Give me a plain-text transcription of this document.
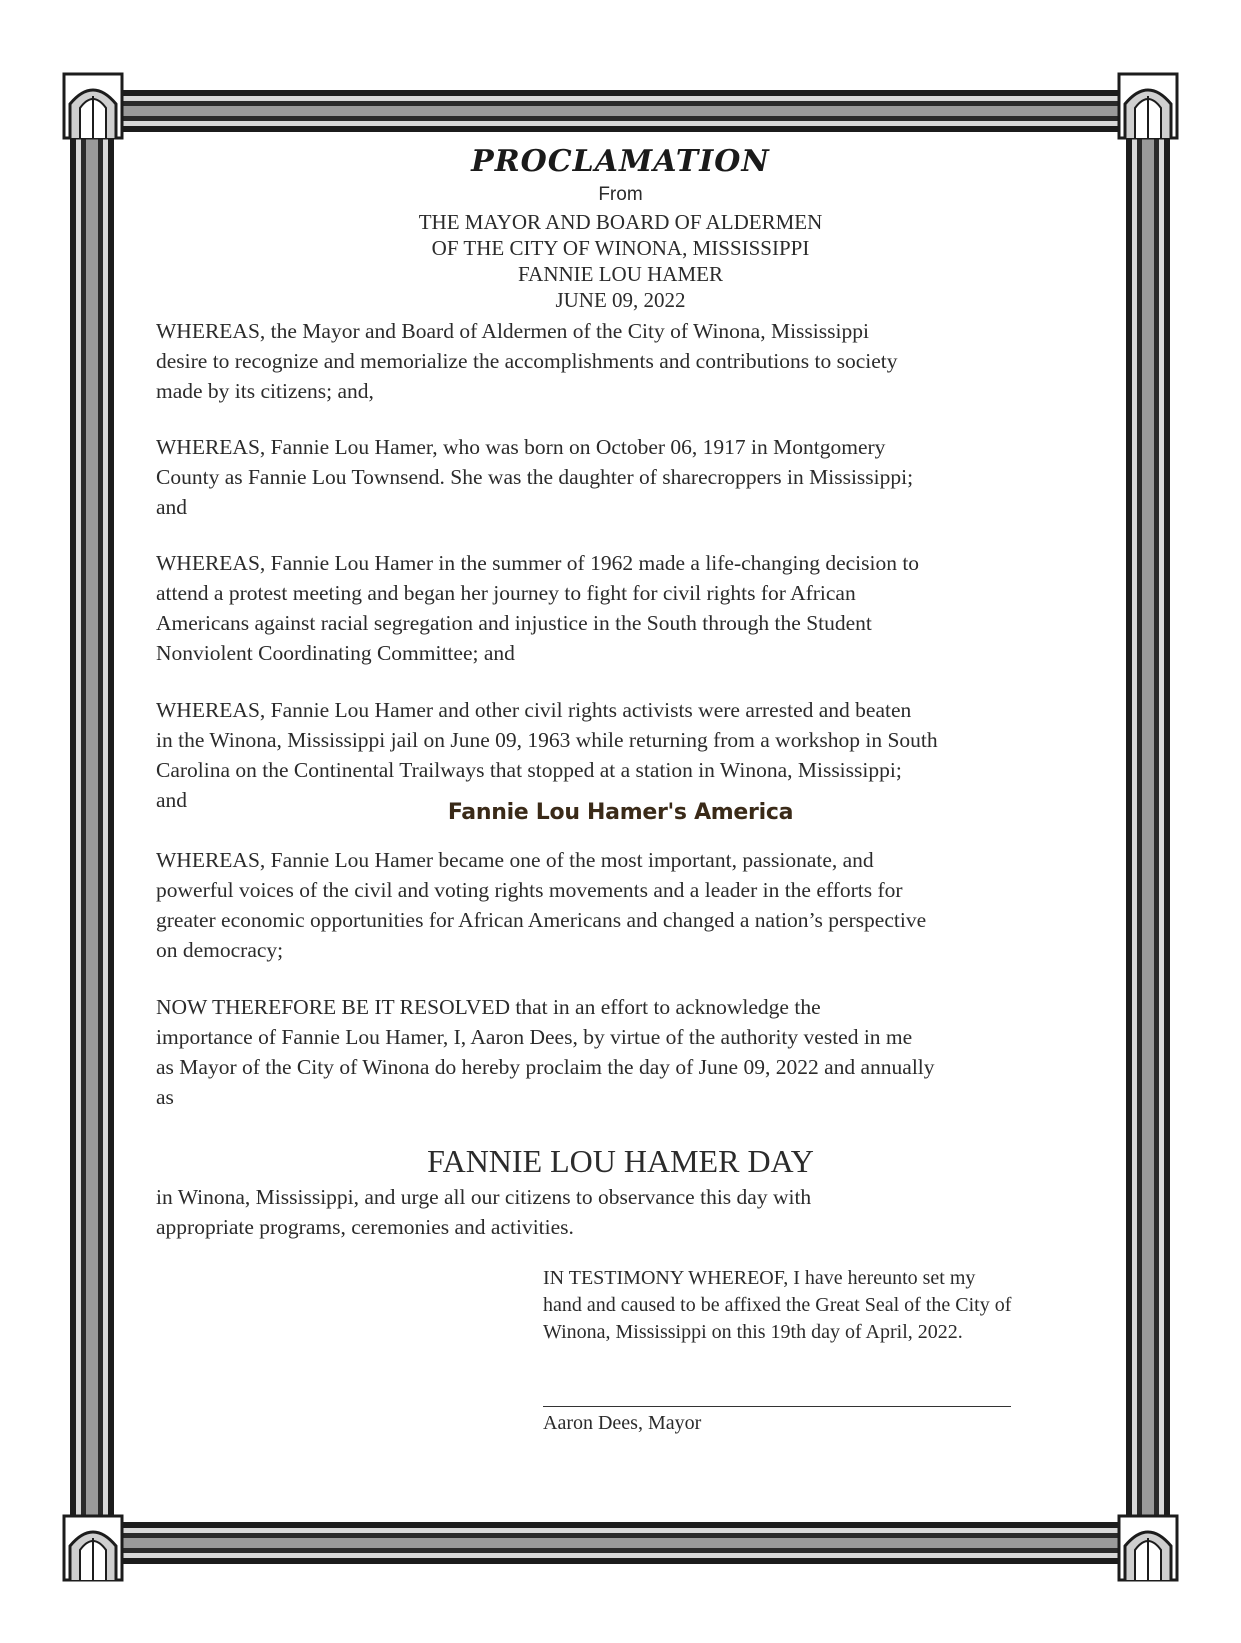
PROCLAMATION
From
THE MAYOR AND BOARD OF ALDERMEN
OF THE CITY OF WINONA, MISSISSIPPI
FANNIE LOU HAMER
JUNE 09, 2022

WHEREAS, the Mayor and Board of Aldermen of the City of Winona, Mississippi
desire to recognize and memorialize the accomplishments and contributions to society
made by its citizens; and,

WHEREAS, Fannie Lou Hamer, who was born on October 06, 1917 in Montgomery
County as Fannie Lou Townsend. She was the daughter of sharecroppers in Mississippi;
and

WHEREAS, Fannie Lou Hamer in the summer of 1962 made a life-changing decision to
attend a protest meeting and began her journey to fight for civil rights for African
Americans against racial segregation and injustice in the South through the Student
Nonviolent Coordinating Committee; and

WHEREAS, Fannie Lou Hamer and other civil rights activists were arrested and beaten
in the Winona, Mississippi jail on June 09, 1963 while returning from a workshop in South
Carolina on the Continental Trailways that stopped at a station in Winona, Mississippi;
and	Fannie Lou Hamer's America

WHEREAS, Fannie Lou Hamer became one of the most important, passionate, and
powerful voices of the civil and voting rights movements and a leader in the efforts for
greater economic opportunities for African Americans and changed a nation’s perspective
on democracy;

NOW THEREFORE BE IT RESOLVED that in an effort to acknowledge the
importance of Fannie Lou Hamer, I, Aaron Dees, by virtue of the authority vested in me
as Mayor of the City of Winona do hereby proclaim the day of June 09, 2022 and annually
as

FANNIE LOU HAMER DAY

in Winona, Mississippi, and urge all our citizens to observance this day with
appropriate programs, ceremonies and activities.

IN TESTIMONY WHEREOF, I have hereunto set my
hand and caused to be affixed the Great Seal of the City of
Winona, Mississippi on this 19th day of April, 2022.

Aaron Dees, Mayor
